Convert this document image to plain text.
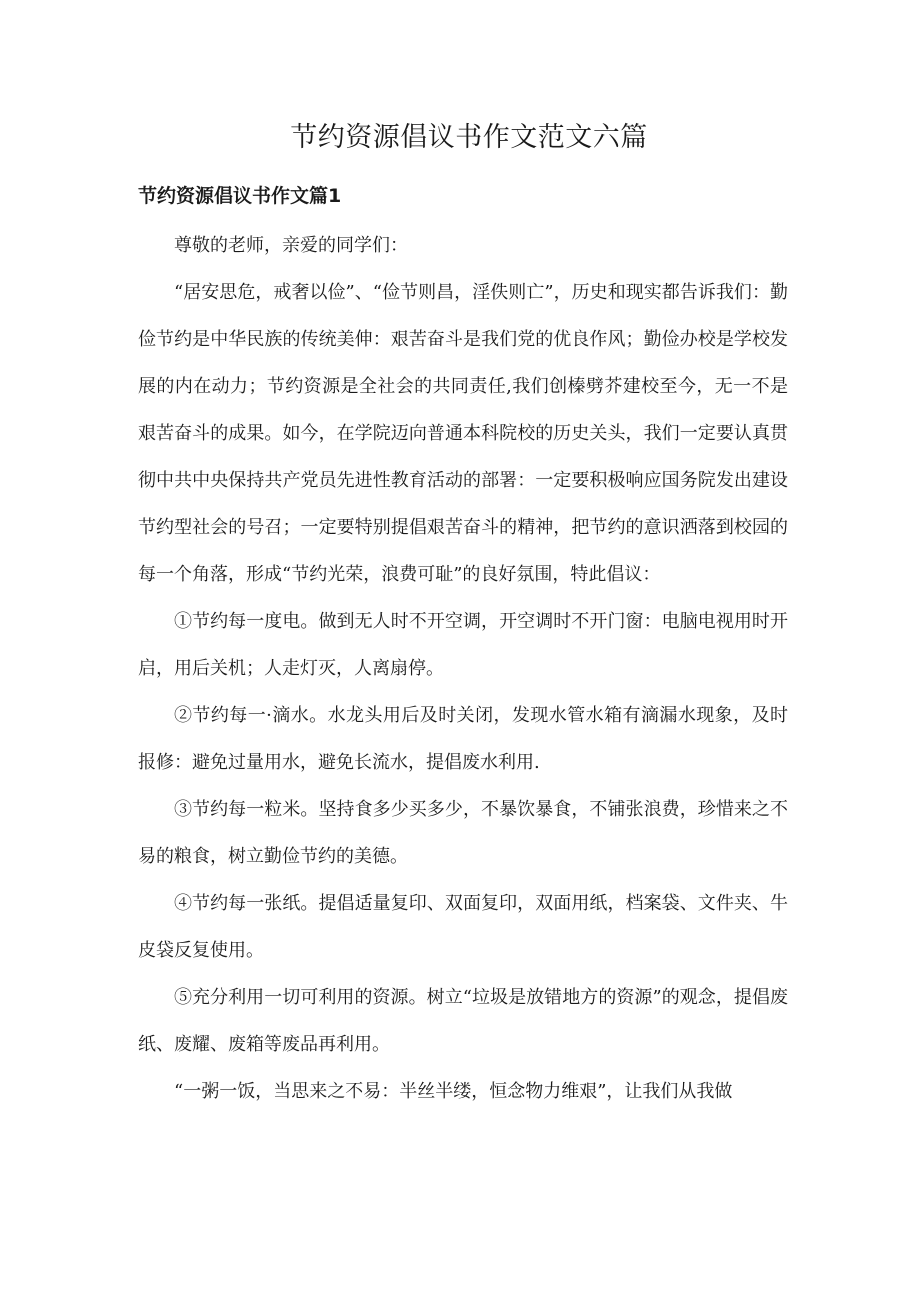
节约资源倡议书作文范文六篇
节约资源倡议书作文篇1

尊敬的老师，亲爱的同学们：

“居安思危，戒奢以俭”、“俭节则昌，淫佚则亡”，历史和现实都告诉我们：勤俭节约是中华民族的传统美伸：艰苦奋斗是我们党的优良作风；勤俭办校是学校发展的内在动力；节约资源是全社会的共同责任,我们创榛劈芥建校至今，无一不是艰苦奋斗的成果。如今，在学院迈向普通本科院校的历史关头，我们一定要认真贯彻中共中央保持共产党员先进性教育活动的部署：一定要积极响应国务院发出建设节约型社会的号召；一定要特别提倡艰苦奋斗的精神，把节约的意识洒落到校园的每一个角落，形成“节约光荣，浪费可耻”的良好氛围，特此倡议：

①节约每一度电。做到无人时不开空调，开空调时不开门窗：电脑电视用时开启，用后关机；人走灯灭，人离扇停。

②节约每一·滴水。水龙头用后及时关闭，发现水管水箱有滴漏水现象，及时报修：避免过量用水，避免长流水，提倡废水利用.

③节约每一粒米。坚持食多少买多少，不暴饮暴食，不铺张浪费，珍惜来之不易的粮食，树立勤俭节约的美德。

④节约每一张纸。提倡适量复印、双面复印，双面用纸，档案袋、文件夹、牛皮袋反复使用。

⑤充分利用一切可利用的资源。树立“垃圾是放错地方的资源”的观念，提倡废纸、废耀、废箱等废品再利用。

“一粥一饭，当思来之不易：半丝半缕，恒念物力维艰”，让我们从我做
